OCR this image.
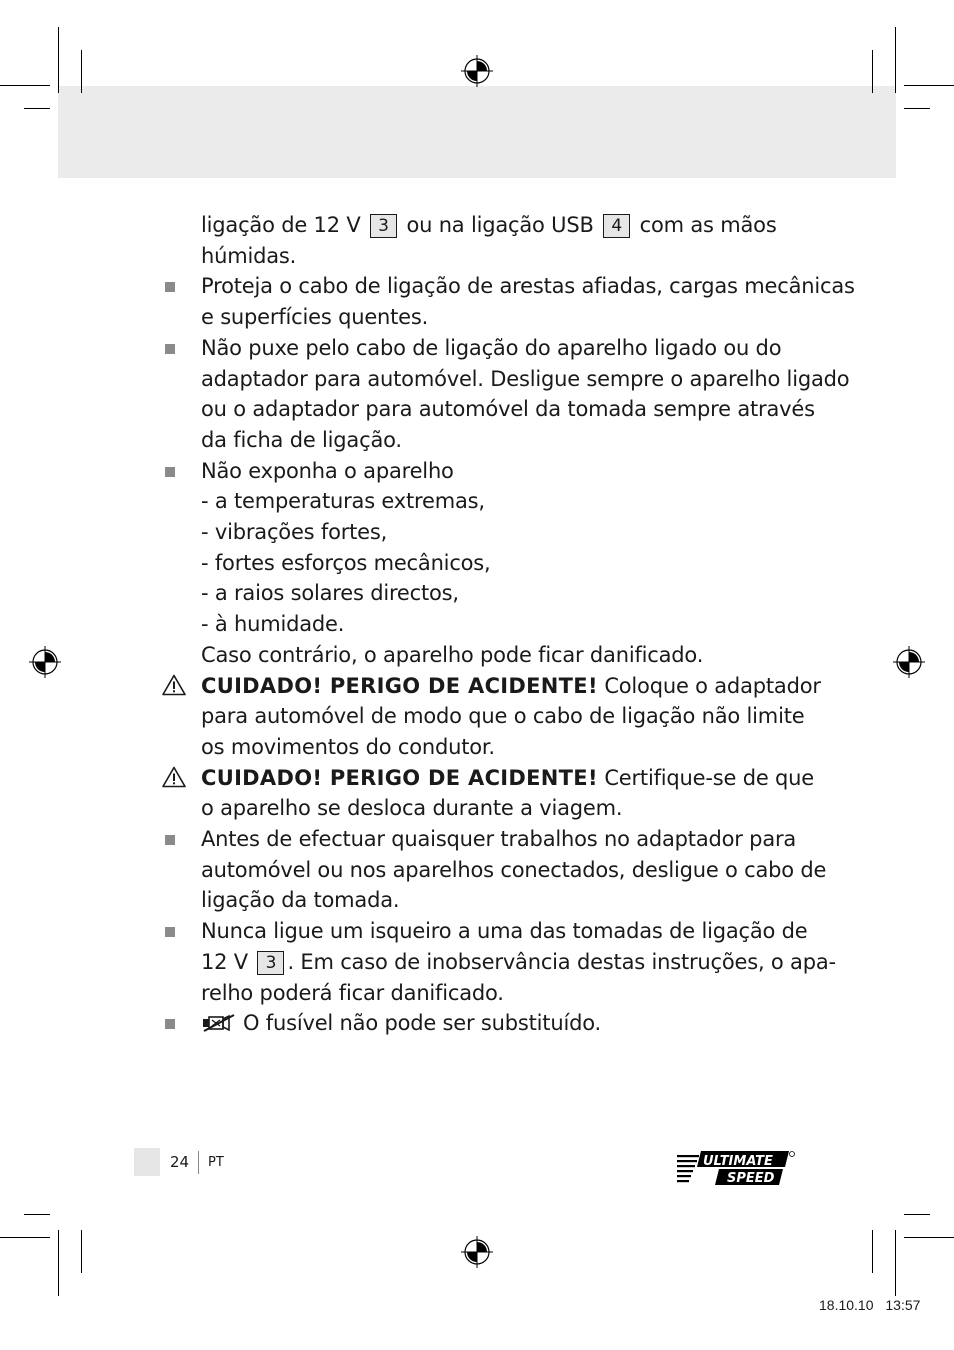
ligação de 12 V 3 ou na ligação USB 4 com as mãos
húmidas.
Proteja o cabo de ligação de arestas afiadas, cargas mecânicas
e superfícies quentes.
Não puxe pelo cabo de ligação do aparelho ligado ou do
adaptador para automóvel. Desligue sempre o aparelho ligado
ou o adaptador para automóvel da tomada sempre através
da ficha de ligação.
Não exponha o aparelho
- a temperaturas extremas,
- vibrações fortes,
- fortes esforços mecânicos,
- a raios solares directos,
- à humidade.
Caso contrário, o aparelho pode ficar danificado.
CUIDADO! PERIGO DE ACIDENTE! Coloque o adaptador
para automóvel de modo que o cabo de ligação não limite
os movimentos do condutor.
CUIDADO! PERIGO DE ACIDENTE! Certifique-se de que
o aparelho se desloca durante a viagem.
Antes de efectuar quaisquer trabalhos no adaptador para
automóvel ou nos aparelhos conectados, desligue o cabo de
ligação da tomada.
Nunca ligue um isqueiro a uma das tomadas de ligação de
12 V 3 . Em caso de inobservância destas instruções, o apa-
relho poderá ficar danificado.
O fusível não pode ser substituído.
24 PT	ULTIMATE
SPEED
18.10.10 13:57
